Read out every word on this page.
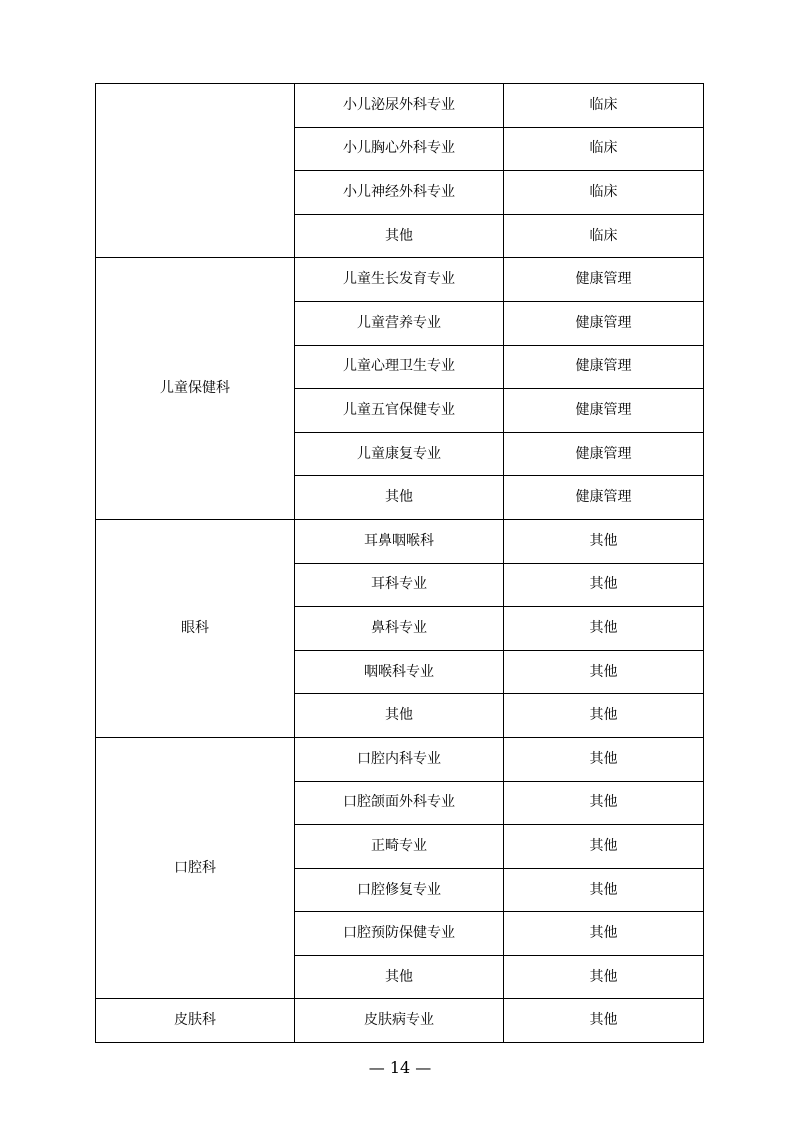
	小儿泌尿外科专业	临床
	小儿胸心外科专业	临床
	小儿神经外科专业	临床
	其他	临床
儿童保健科	儿童生长发育专业	健康管理
	儿童营养专业	健康管理
	儿童心理卫生专业	健康管理
	儿童五官保健专业	健康管理
	儿童康复专业	健康管理
	其他	健康管理
眼科	耳鼻咽喉科	其他
	耳科专业	其他
	鼻科专业	其他
	咽喉科专业	其他
	其他	其他
口腔科	口腔内科专业	其他
	口腔颌面外科专业	其他
	正畸专业	其他
	口腔修复专业	其他
	口腔预防保健专业	其他
	其他	其他
皮肤科	皮肤病专业	其他
— 14 —
